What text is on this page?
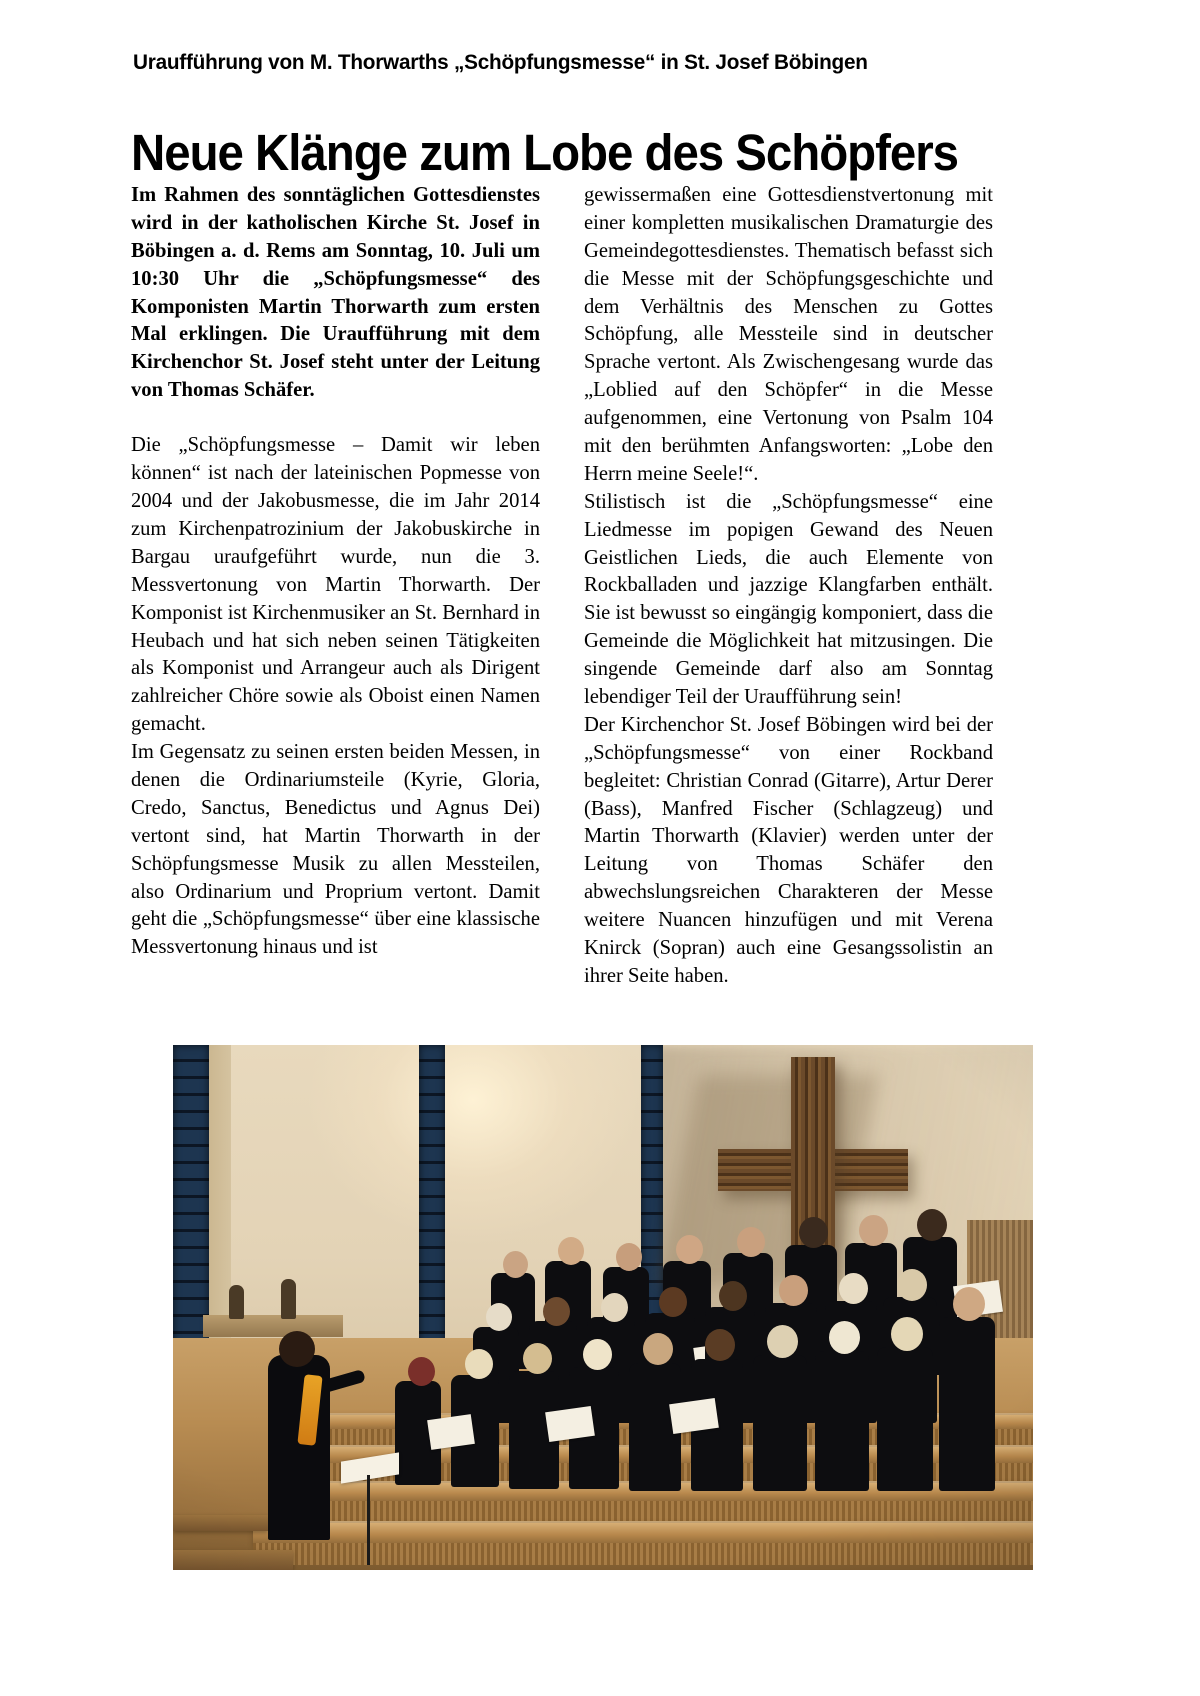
Uraufführung von M. Thorwarths „Schöpfungsmesse“ in St. Josef Böbingen
Neue Klänge zum Lobe des Schöpfers

Im Rahmen des sonntäglichen Gottesdienstes wird in der katholischen Kirche St. Josef in Böbingen a. d. Rems am Sonntag, 10. Juli um 10:30 Uhr die „Schöpfungsmesse“ des Komponisten Martin Thorwarth zum ersten Mal erklingen. Die Uraufführung mit dem Kirchenchor St. Josef steht unter der Leitung von Thomas Schäfer.

Die „Schöpfungsmesse – Damit wir leben können“ ist nach der lateinischen Popmesse von 2004 und der Jakobusmesse, die im Jahr 2014 zum Kirchenpatrozinium der Jakobuskirche in Bargau uraufgeführt wurde, nun die 3. Messvertonung von Martin Thorwarth. Der Komponist ist Kirchenmusiker an St. Bernhard in Heubach und hat sich neben seinen Tätigkeiten als Komponist und Arrangeur auch als Dirigent zahlreicher Chöre sowie als Oboist einen Namen gemacht.

Im Gegensatz zu seinen ersten beiden Messen, in denen die Ordinariumsteile (Kyrie, Gloria, Credo, Sanctus, Benedictus und Agnus Dei) vertont sind, hat Martin Thorwarth in der Schöpfungsmesse Musik zu allen Messteilen, also Ordinarium und Proprium vertont. Damit geht die „Schöpfungsmesse“ über eine klassische Messvertonung hinaus und ist

gewissermaßen eine Gottesdienstvertonung mit einer kompletten musikalischen Dramaturgie des Gemeindegottesdienstes. Thematisch befasst sich die Messe mit der Schöpfungsgeschichte und dem Verhältnis des Menschen zu Gottes Schöpfung, alle Messteile sind in deutscher Sprache vertont. Als Zwischengesang wurde das „Loblied auf den Schöpfer“ in die Messe aufgenommen, eine Vertonung von Psalm 104 mit den berühmten Anfangsworten: „Lobe den Herrn meine Seele!“.

Stilistisch ist die „Schöpfungsmesse“ eine Liedmesse im popigen Gewand des Neuen Geistlichen Lieds, die auch Elemente von Rockballaden und jazzige Klangfarben enthält. Sie ist bewusst so eingängig komponiert, dass die Gemeinde die Möglichkeit hat mitzusingen. Die singende Gemeinde darf also am Sonntag lebendiger Teil der Uraufführung sein!

Der Kirchenchor St. Josef Böbingen wird bei der „Schöpfungsmesse“ von einer Rockband begleitet: Christian Conrad (Gitarre), Artur Derer (Bass), Manfred Fischer (Schlagzeug) und Martin Thorwarth (Klavier) werden unter der Leitung von Thomas Schäfer den abwechslungsreichen Charakteren der Messe weitere Nuancen hinzufügen und mit Verena Knirck (Sopran) auch eine Gesangssolistin an ihrer Seite haben.
